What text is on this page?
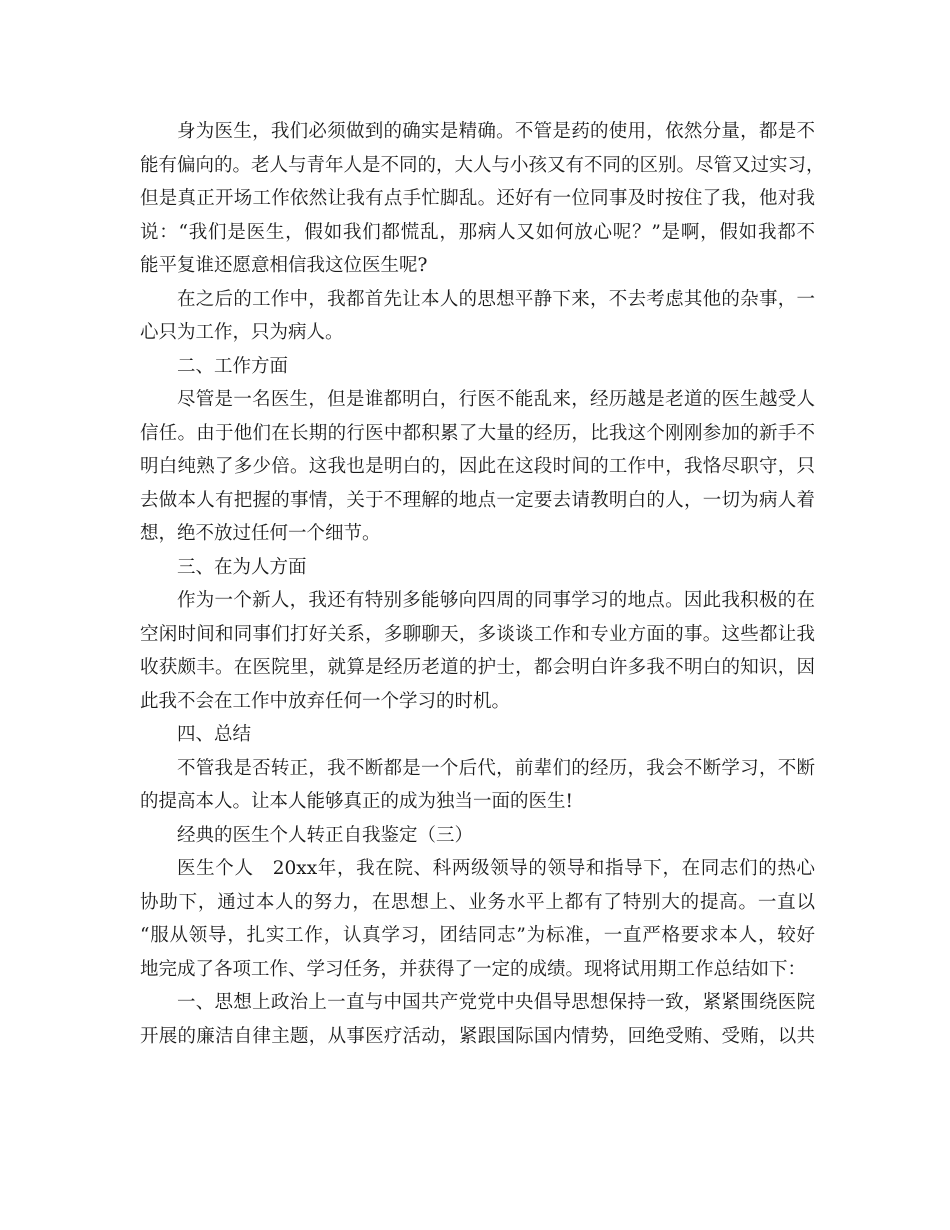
身为医生，我们必须做到的确实是精确。不管是药的使用，依然分量，都是不
能有偏向的。老人与青年人是不同的，大人与小孩又有不同的区别。尽管又过实习，
但是真正开场工作依然让我有点手忙脚乱。还好有一位同事及时按住了我，他对我
说：“我们是医生，假如我们都慌乱，那病人又如何放心呢？”是啊，假如我都不
能平复谁还愿意相信我这位医生呢?
在之后的工作中，我都首先让本人的思想平静下来，不去考虑其他的杂事，一
心只为工作，只为病人。
二、工作方面
尽管是一名医生，但是谁都明白，行医不能乱来，经历越是老道的医生越受人
信任。由于他们在长期的行医中都积累了大量的经历，比我这个刚刚参加的新手不
明白纯熟了多少倍。这我也是明白的，因此在这段时间的工作中，我恪尽职守，只
去做本人有把握的事情，关于不理解的地点一定要去请教明白的人，一切为病人着
想，绝不放过任何一个细节。
三、在为人方面
作为一个新人，我还有特别多能够向四周的同事学习的地点。因此我积极的在
空闲时间和同事们打好关系，多聊聊天，多谈谈工作和专业方面的事。这些都让我
收获颇丰。在医院里，就算是经历老道的护士，都会明白许多我不明白的知识，因
此我不会在工作中放弃任何一个学习的时机。
四、总结
不管我是否转正，我不断都是一个后代，前辈们的经历，我会不断学习，不断
的提高本人。让本人能够真正的成为独当一面的医生!
经典的医生个人转正自我鉴定（三）
医生个人　20xx年，我在院、科两级领导的领导和指导下，在同志们的热心
协助下，通过本人的努力，在思想上、业务水平上都有了特别大的提高。一直以
“服从领导，扎实工作，认真学习，团结同志”为标准，一直严格要求本人，较好
地完成了各项工作、学习任务，并获得了一定的成绩。现将试用期工作总结如下：
一、思想上政治上一直与中国共产党党中央倡导思想保持一致，紧紧围绕医院
开展的廉洁自律主题，从事医疗活动，紧跟国际国内情势，回绝受贿、受贿，以共
